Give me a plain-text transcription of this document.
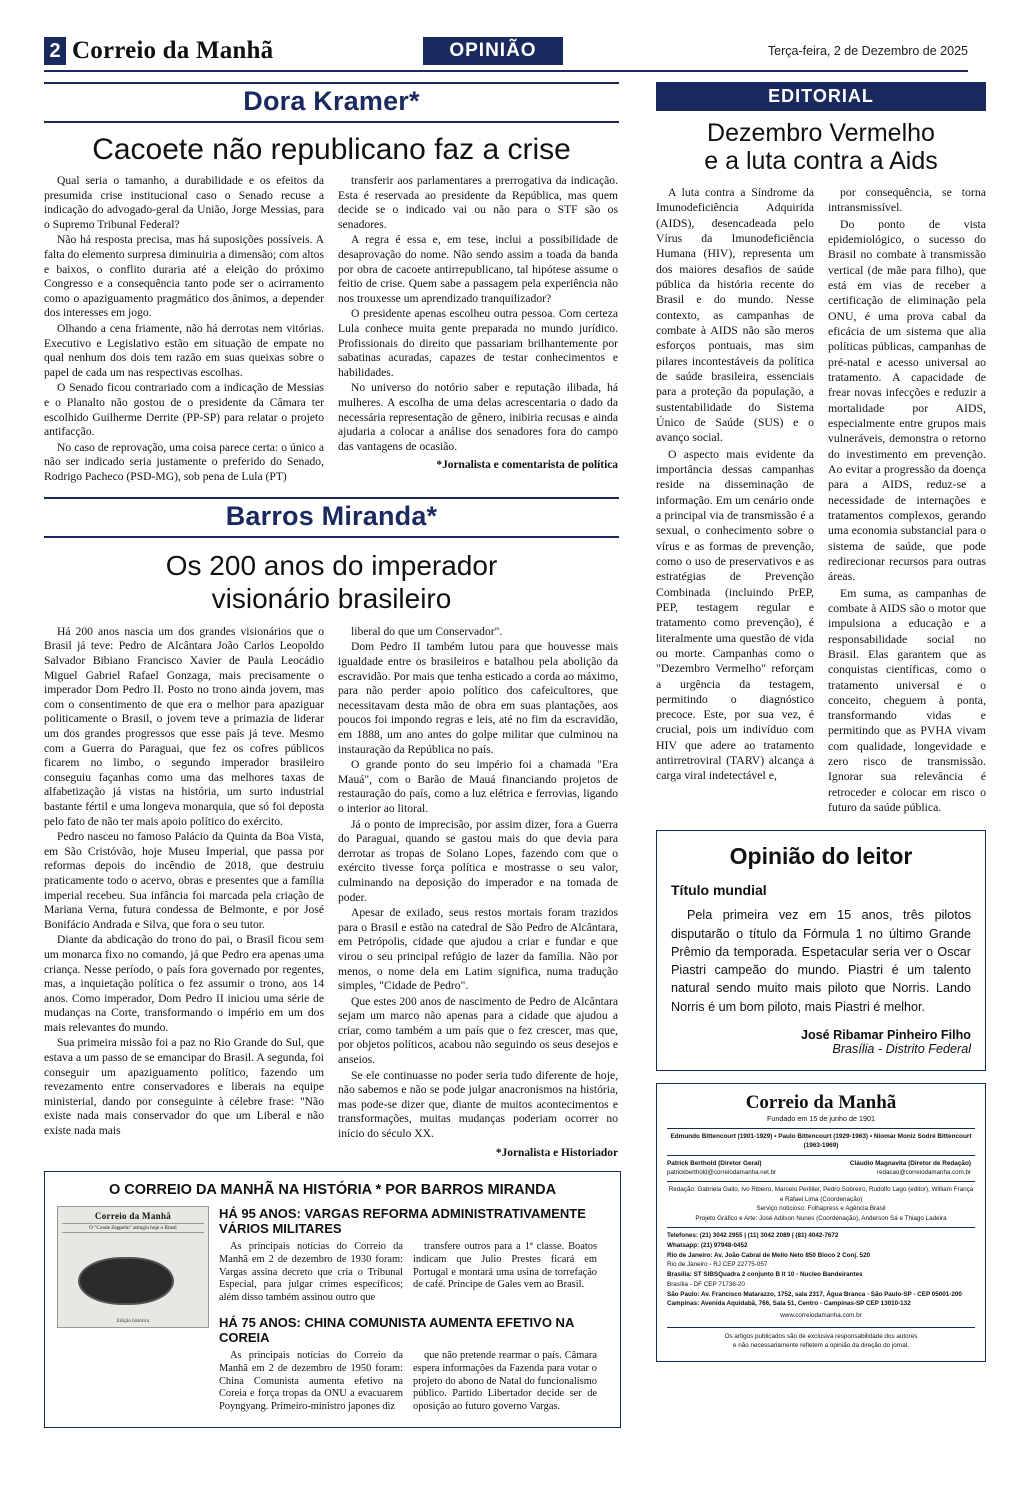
2 Correio da Manhã	OPINIÃO	Terça-feira, 2 de Dezembro de 2025
Dora Kramer*
Cacoete não republicano faz a crise

Qual seria o tamanho, a durabilidade e os efeitos da presumida crise institucional caso o Senado recuse a indicação do advogado-geral da União, Jorge Messias, para o Supremo Tribunal Federal?

Não há resposta precisa, mas há suposições possíveis. A falta do elemento surpresa diminuiria a dimensão; com altos e baixos, o conflito duraria até a eleição do próximo Congresso e a consequência tanto pode ser o acirramento como o apaziguamento pragmático dos ânimos, a depender dos interesses em jogo.

Olhando a cena friamente, não há derrotas nem vitórias. Executivo e Legislativo estão em situação de empate no qual nenhum dos dois tem razão em suas queixas sobre o papel de cada um nas respectivas escolhas.

O Senado ficou contrariado com a indicação de Messias e o Planalto não gostou de o presidente da Câmara ter escolhido Guilherme Derrite (PP-SP) para relatar o projeto antifacção.

No caso de reprovação, uma coisa parece certa: o único a não ser indicado seria justamente o preferido do Senado, Rodrigo Pacheco (PSD-MG), sob pena de Lula (PT)

transferir aos parlamentares a prerrogativa da indicação. Esta é reservada ao presidente da República, mas quem decide se o indicado vai ou não para o STF são os senadores.

A regra é essa e, em tese, inclui a possibilidade de desaprovação do nome. Não sendo assim a toada da banda por obra de cacoete antirrepublicano, tal hipótese assume o feitio de crise. Quem sabe a passagem pela experiência não nos trouxesse um aprendizado tranquilizador?

O presidente apenas escolheu outra pessoa. Com certeza Lula conhece muita gente preparada no mundo jurídico. Profissionais do direito que passariam brilhantemente por sabatinas acuradas, capazes de testar conhecimentos e habilidades.

No universo do notório saber e reputação ilibada, há mulheres. A escolha de uma delas acrescentaria o dado da necessária representação de gênero, inibiria recusas e ainda ajudaria a colocar a análise dos senadores fora do campo das vantagens de ocasião.

*Jornalista e comentarista de política
Barros Miranda*
Os 200 anos do imperador
visionário brasileiro

Há 200 anos nascia um dos grandes visionários que o Brasil já teve: Pedro de Alcântara João Carlos Leopoldo Salvador Bibiano Francisco Xavier de Paula Leocádio Miguel Gabriel Rafael Gonzaga, mais precisamente o imperador Dom Pedro II. Posto no trono ainda jovem, mas com o consentimento de que era o melhor para apaziguar politicamente o Brasil, o jovem teve a primazia de liderar um dos grandes progressos que esse país já teve. Mesmo com a Guerra do Paraguai, que fez os cofres públicos ficarem no limbo, o segundo imperador brasileiro conseguiu façanhas como uma das melhores taxas de alfabetização já vistas na história, um surto industrial bastante fértil e uma longeva monarquia, que só foi deposta pelo fato de não ter mais apoio político do exército.

Pedro nasceu no famoso Palácio da Quinta da Boa Vista, em São Cristóvão, hoje Museu Imperial, que passa por reformas depois do incêndio de 2018, que destruiu praticamente todo o acervo, obras e presentes que a família imperial recebeu. Sua infância foi marcada pela criação de Mariana Verna, futura condessa de Belmonte, e por José Bonifácio Andrada e Silva, que fora o seu tutor.

Diante da abdicação do trono do pai, o Brasil ficou sem um monarca fixo no comando, já que Pedro era apenas uma criança. Nesse período, o país fora governado por regentes, mas, a inquietação política o fez assumir o trono, aos 14 anos. Como imperador, Dom Pedro II iniciou uma série de mudanças na Corte, transformando o império em um dos mais relevantes do mundo.

Sua primeira missão foi a paz no Rio Grande do Sul, que estava a um passo de se emancipar do Brasil. A segunda, foi conseguir um apaziguamento político, fazendo um revezamento entre conservadores e liberais na equipe ministerial, dando por conseguinte à célebre frase: "Não existe nada mais conservador do que um Liberal e não existe nada mais

liberal do que um Conservador".

Dom Pedro II também lutou para que houvesse mais igualdade entre os brasileiros e batalhou pela abolição da escravidão. Por mais que tenha esticado a corda ao máximo, para não perder apoio político dos cafeicultores, que necessitavam desta mão de obra em suas plantações, aos poucos foi impondo regras e leis, até no fim da escravidão, em 1888, um ano antes do golpe militar que culminou na instauração da República no país.

O grande ponto do seu império foi a chamada "Era Mauá", com o Barão de Mauá financiando projetos de restauração do país, como a luz elétrica e ferrovias, ligando o interior ao litoral.

Já o ponto de imprecisão, por assim dizer, fora a Guerra do Paraguai, quando se gastou mais do que devia para derrotar as tropas de Solano Lopes, fazendo com que o exército tivesse força política e mostrasse o seu valor, culminando na deposição do imperador e na tomada de poder.

Apesar de exilado, seus restos mortais foram trazidos para o Brasil e estão na catedral de São Pedro de Alcântara, em Petrópolis, cidade que ajudou a criar e fundar e que virou o seu principal refúgio de lazer da família. Não por menos, o nome dela em Latim significa, numa tradução simples, "Cidade de Pedro".

Que estes 200 anos de nascimento de Pedro de Alcântara sejam um marco não apenas para a cidade que ajudou a criar, como também a um país que o fez crescer, mas que, por objetos políticos, acabou não seguindo os seus desejos e anseios.

Se ele continuasse no poder seria tudo diferente de hoje, não sabemos e não se pode julgar anacronismos na história, mas pode-se dizer que, diante de muitos acontecimentos e transformações, muitas mudanças poderiam ocorrer no início do século XX.

*Jornalista e Historiador
O CORREIO DA MANHÃ NA HISTÓRIA * POR BARROS MIRANDA
Correio da Manhã
O "Conde Zeppelin" attingiu hoje o Brasil
Edição histórica
HÁ 95 ANOS: VARGAS REFORMA ADMINISTRATIVAMENTE VÁRIOS MILITARES

As principais notícias do Correio da Manhã em 2 de dezembro de 1930 foram: Vargas assina decreto que cria o Tribunal Especial, para julgar crimes específicos; além disso também assinou outro que

transfere outros para a 1ª classe. Boatos indicam que Julio Prestes ficará em Portugal e montará uma usina de torrefação de café. Príncipe de Gales vem ao Brasil.

HÁ 75 ANOS: CHINA COMUNISTA AUMENTA EFETIVO NA COREIA

As principais notícias do Correio da Manhã em 2 de dezembro de 1950 foram: China Comunista aumenta efetivo na Coreia e força tropas da ONU a evacuarem Poyngyang. Primeiro-ministro japones diz

que não pretende rearmar o país. Câmara espera informações da Fazenda para votar o projeto do abono de Natal do funcionalismo público. Partido Libertador decide ser de oposição ao futuro governo Vargas.

EDITORIAL
Dezembro Vermelho
e a luta contra a Aids

A luta contra a Síndrome da Imunodeficiência Adquirida (AIDS), desencadeada pelo Vírus da Imunodeficiência Humana (HIV), representa um dos maiores desafios de saúde pública da história recente do Brasil e do mundo. Nesse contexto, as campanhas de combate à AIDS não são meros esforços pontuais, mas sim pilares incontestáveis da política de saúde brasileira, essenciais para a proteção da população, a sustentabilidade do Sistema Único de Saúde (SUS) e o avanço social.

O aspecto mais evidente da importância dessas campanhas reside na disseminação de informação. Em um cenário onde a principal via de transmissão é a sexual, o conhecimento sobre o vírus e as formas de prevenção, como o uso de preservativos e as estratégias de Prevenção Combinada (incluindo PrEP, PEP, testagem regular e tratamento como prevenção), é literalmente uma questão de vida ou morte. Campanhas como o "Dezembro Vermelho" reforçam a urgência da testagem, permitindo o diagnóstico precoce. Este, por sua vez, é crucial, pois um indivíduo com HIV que adere ao tratamento antirretroviral (TARV) alcança a carga viral indetectável e,

por consequência, se torna intransmissível.

Do ponto de vista epidemiológico, o sucesso do Brasil no combate à transmissão vertical (de mãe para filho), que está em vias de receber a certificação de eliminação pela ONU, é uma prova cabal da eficácia de um sistema que alia políticas públicas, campanhas de pré-natal e acesso universal ao tratamento. A capacidade de frear novas infecções e reduzir a mortalidade por AIDS, especialmente entre grupos mais vulneráveis, demonstra o retorno do investimento em prevenção. Ao evitar a progressão da doença para a AIDS, reduz-se a necessidade de internações e tratamentos complexos, gerando uma economia substancial para o sistema de saúde, que pode redirecionar recursos para outras áreas.

Em suma, as campanhas de combate à AIDS são o motor que impulsiona a educação e a responsabilidade social no Brasil. Elas garantem que as conquistas científicas, como o tratamento universal e o conceito, cheguem à ponta, transformando vidas e permitindo que as PVHA vivam com qualidade, longevidade e zero risco de transmissão. Ignorar sua relevância é retroceder e colocar em risco o futuro da saúde pública.

Opinião do leitor
Título mundial

Pela primeira vez em 15 anos, três pilotos disputarão o título da Fórmula 1 no último Grande Prêmio da temporada. Espetacular seria ver o Oscar Piastri campeão do mundo. Piastri é um talento natural sendo muito mais piloto que Norris. Lando Norris é um bom piloto, mais Piastri é melhor.

José Ribamar Pinheiro Filho
Brasília - Distrito Federal
Correio da Manhã
Fundado em 15 de junho de 1901
Edmundo Bittencourt (1901-1929) • Paulo Bittencourt (1929-1963) • Niomar Moniz Sodré Bittencourt (1963-1969)
Patrick Berthold (Diretor Geral)
patrickberthold@correiodamanha.net.br
Cláudio Magnavita (Diretor de Redação)
redacao@correiodamanha.com.br
Redação: Gabriela Gallo, Ivo Ribeiro, Marcelo Perillier, Pedro Sobreiro, Rudolfo Lago (editor), William França e Rafael Lima (Coordenação)
Serviço noticioso: Folhapress e Agência Brasil
Projeto Gráfico e Arte: José Adilson Nunes (Coordenação), Anderson Sá e Thiago Ladeira
Telefones: (21) 3042 2955 | (11) 3042 2089 | (81) 4042-7672
Whatsapp: (21) 97948-0452
Rio de Janeiro: Av. João Cabral de Mello Neto 850 Bloco 2 Conj. 520
Rio de Janeiro - RJ CEP 22775-057
Brasília: ST SIBSQuadra 2 conjunto B lt 10 - Nucleo Bandeirantes
Brasília - DF CEP 71736-20
São Paulo: Av. Francisco Matarazzo, 1752, sala 2317, Água Branca - São Paulo-SP - CEP 05001-200
Campinas: Avenida Aquidabã, 766, Sala 51, Centro - Campinas-SP CEP 13010-132
www.correiodamanha.com.br
Os artigos publicados são de exclusiva responsabilidade dos autores
e não necessariamente refletem a opinião da direção do jornal.
